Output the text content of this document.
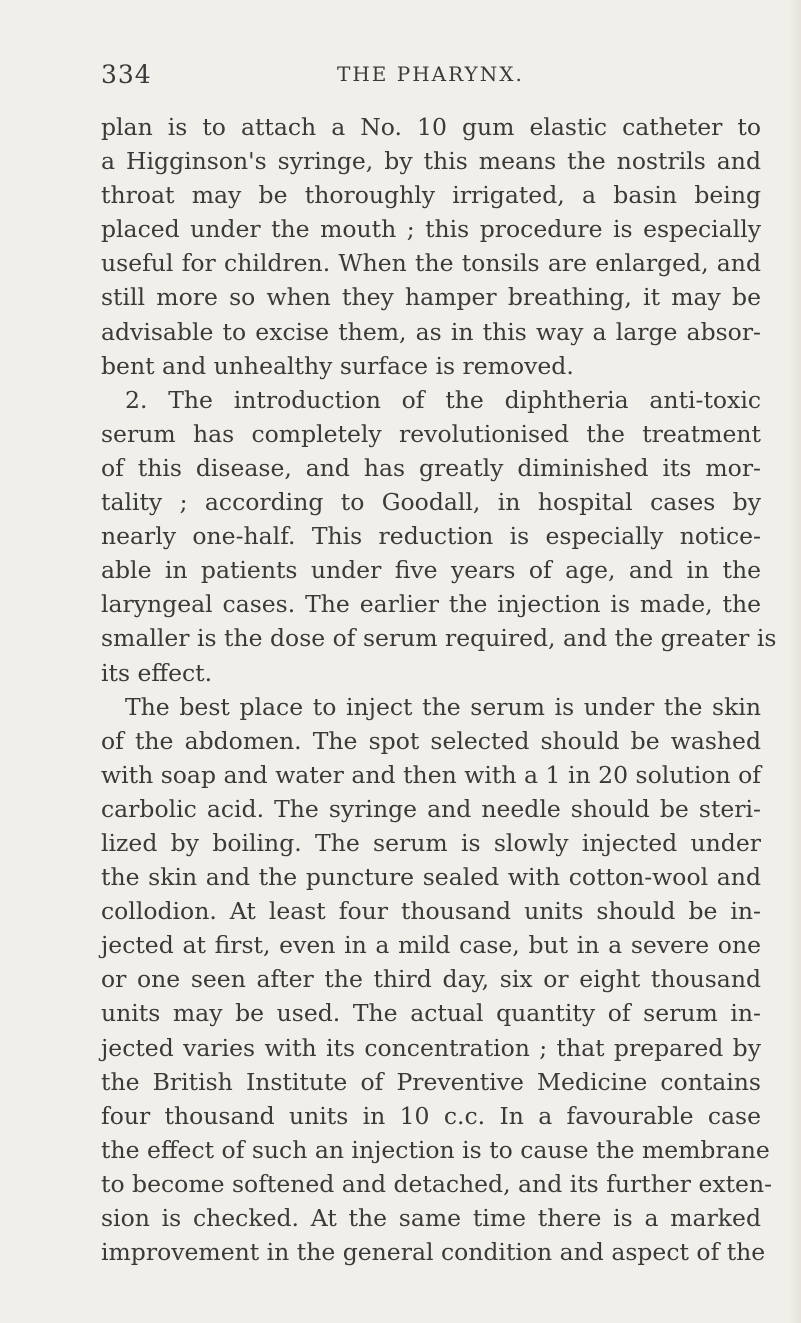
334	THE PHARYNX.
plan is to attach a No. 10 gum elastic catheter to
a Higginson's syringe, by this means the nostrils and
throat may be thoroughly irrigated, a basin being
placed under the mouth ; this procedure is especially
useful for children. When the tonsils are enlarged, and
still more so when they hamper breathing, it may be
advisable to excise them, as in this way a large absor-
bent and unhealthy surface is removed.
2. The introduction of the diphtheria anti-toxic
serum has completely revolutionised the treatment
of this disease, and has greatly diminished its mor-
tality ; according to Goodall, in hospital cases by
nearly one-half. This reduction is especially notice-
able in patients under five years of age, and in the
laryngeal cases. The earlier the injection is made, the
smaller is the dose of serum required, and the greater is
its effect.
The best place to inject the serum is under the skin
of the abdomen. The spot selected should be washed
with soap and water and then with a 1 in 20 solution of
carbolic acid. The syringe and needle should be steri-
lized by boiling. The serum is slowly injected under
the skin and the puncture sealed with cotton-wool and
collodion. At least four thousand units should be in-
jected at first, even in a mild case, but in a severe one
or one seen after the third day, six or eight thousand
units may be used. The actual quantity of serum in-
jected varies with its concentration ; that prepared by
the British Institute of Preventive Medicine contains
four thousand units in 10 c.c. In a favourable case
the effect of such an injection is to cause the membrane
to become softened and detached, and its further exten-
sion is checked. At the same time there is a marked
improvement in the general condition and aspect of the
